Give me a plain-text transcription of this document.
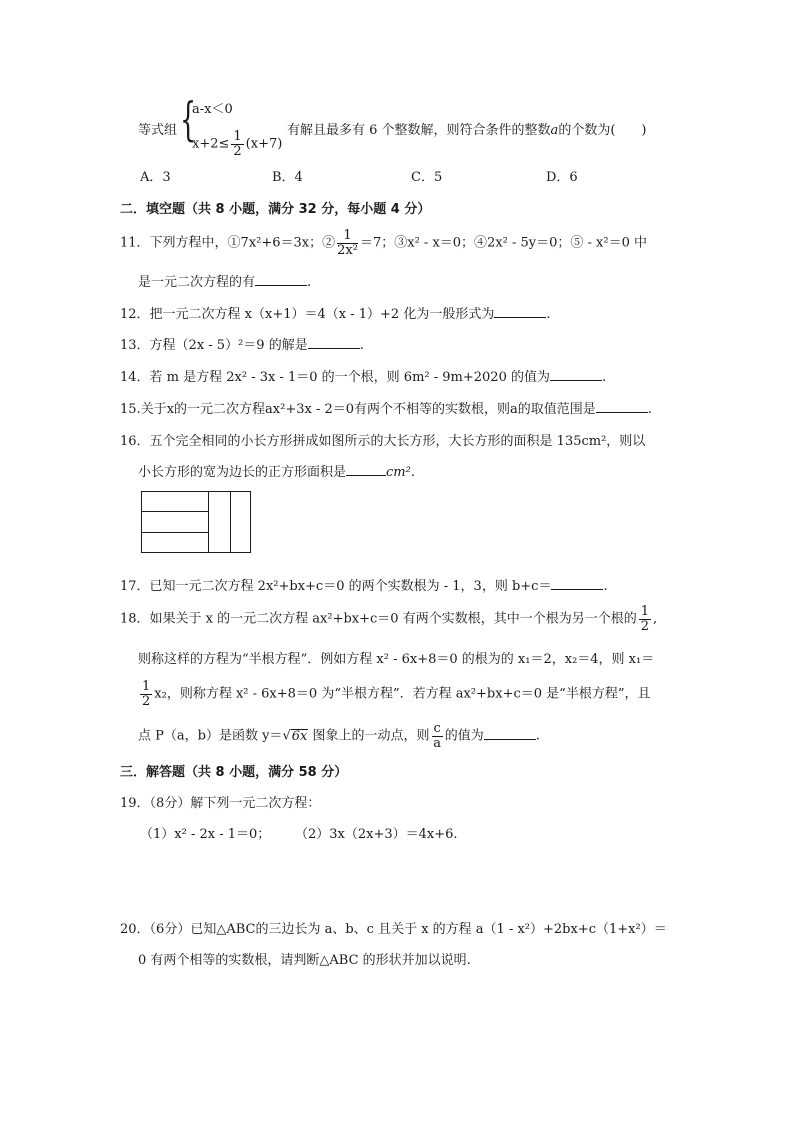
等式组 {
a-x＜0
$x+2\le \frac{1}{2} (x+7)$
有解且最多有 6 个整数解，则符合条件的整数a的个数为(　　)
A．3	B．4	C．5	D．6
二．填空题（共 8 小题，满分 32 分，每小题 4 分）
11．下列方程中，①7x²+6＝3x；② $\frac{1}{\text{2x²}} =7$；③x² - x＝0；④2x² - 5y＝0；⑤ - x²＝0 中
是一元二次方程的有	.
12．把一元二次方程 x（x+1）＝4（x - 1）+2 化为一般形式为	.
13．方程（2x - 5）²＝9 的解是	.
14．若 m 是方程 2x² - 3x - 1＝0 的一个根，则 6m² - 9m+2020 的值为	.
15.关于x的一元二次方程ax²+3x - 2＝0有两个不相等的实数根，则a的取值范围是	.
16．五个完全相同的小长方形拼成如图所示的大长方形，大长方形的面积是 135cm²，则以
小长方形的宽为边长的正方形面积是	cm².
17．已知一元二次方程 2x²+bx+c＝0 的两个实数根为 - 1，3，则 b+c＝	.
18．如果关于 x 的一元二次方程 ax²+bx+c＝0 有两个实数根，其中一个根为另一个根的 $\frac{1}{2}$ ,
则称这样的方程为“半根方程”．例如方程 x² - 6x+8＝0 的根为的 x₁＝2，x₂＝4，则 x₁＝
$\frac{1}{2} x_2$，则称方程 x² - 6x+8＝0 为“半根方程”．若方程 ax²+bx+c＝0 是“半根方程”，且
点 P（a，b）是函数 y＝√6x 图象上的一动点，则 $\frac{c}{a}$ 的值为	.
三．解答题（共 8 小题，满分 58 分）
19．（8分）解下列一元二次方程：
（1）x² - 2x - 1＝0； （2）3x（2x+3）＝4x+6.
20．（6分）已知△ABC的三边长为 a、b、c 且关于 x 的方程 a（1 - x²）+2bx+c（1+x²）＝
0 有两个相等的实数根，请判断△ABC 的形状并加以说明.
